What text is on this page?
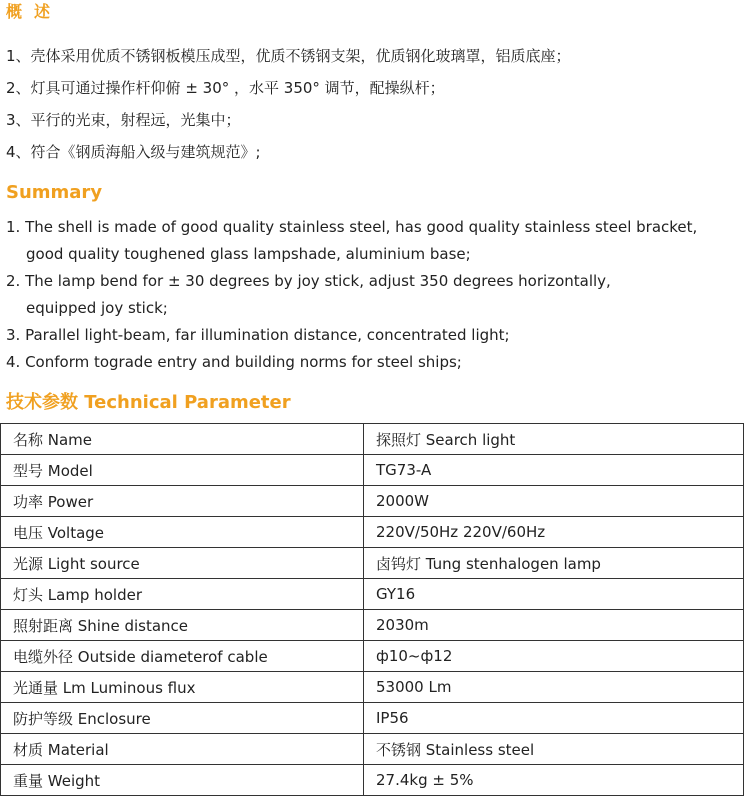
概述
1、壳体采用优质不锈钢板模压成型，优质不锈钢支架，优质钢化玻璃罩，铝质底座；
2、灯具可通过操作杆仰俯 ± 30° ，水平 350° 调节，配操纵杆；
3、平行的光束，射程远，光集中；
4、符合《钢质海船入级与建筑规范》;
Summary
1. The shell is made of good quality stainless steel, has good quality stainless steel bracket,
good quality toughened glass lampshade, aluminium base;
2. The lamp bend for ± 30 degrees by joy stick, adjust 350 degrees horizontally,
equipped joy stick;
3. Parallel light-beam, far illumination distance, concentrated light;
4. Conform tograde entry and building norms for steel ships;
技术参数 Technical Parameter
名称 Name	探照灯 Search light
型号 Model	TG73-A
功率 Power	2000W
电压 Voltage	220V/50Hz 220V/60Hz
光源 Light source	卤钨灯 Tung stenhalogen lamp
灯头 Lamp holder	GY16
照射距离 Shine distance	2030m
电缆外径 Outside diameterof cable	ф10~ф12
光通量 Lm Luminous flux	53000 Lm
防护等级 Enclosure	IP56
材质 Material	不锈钢 Stainless steel
重量 Weight	27.4kg ± 5%
